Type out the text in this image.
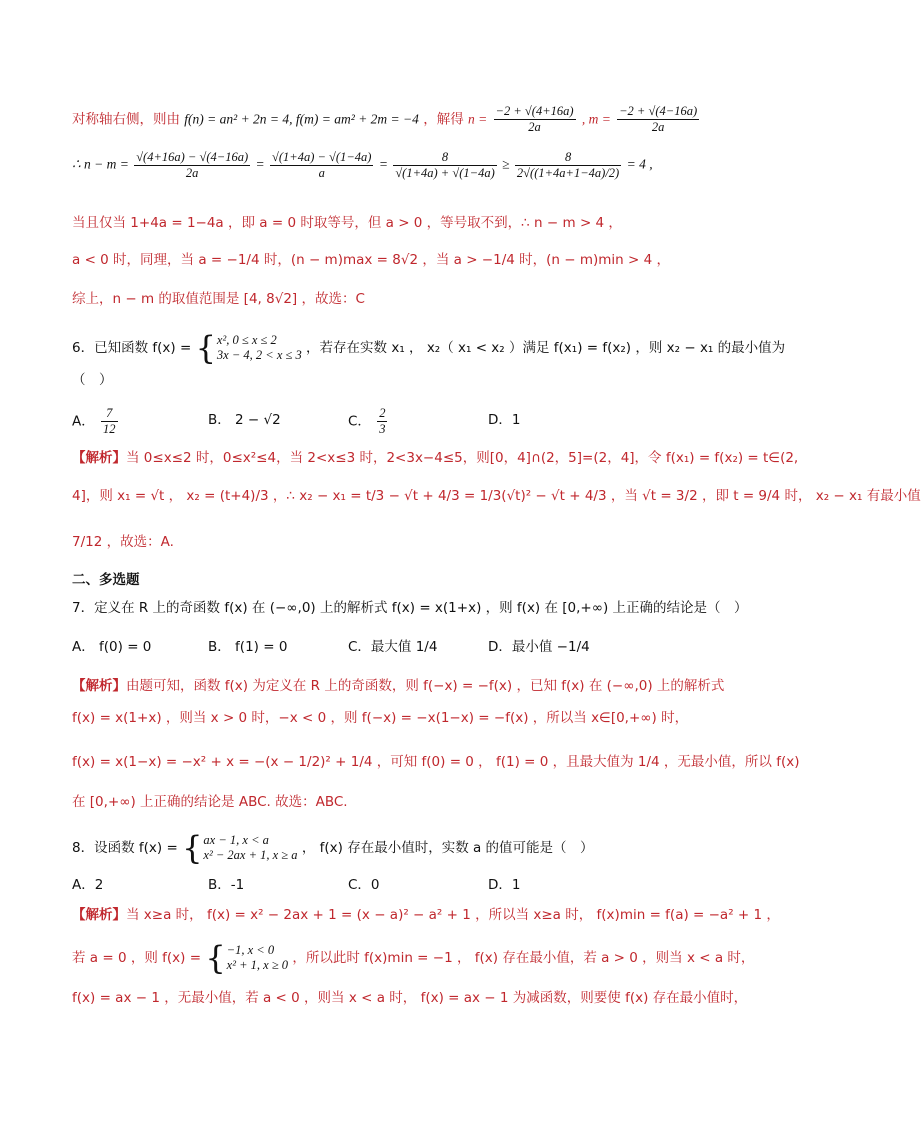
对称轴右侧，则由 f(n) = an² + 2n = 4, f(m) = am² + 2m = −4 ，解得 $n = \frac{-2 + √(4+16a)}{2a}$ , $m = \frac{-2 + √(4-16a)}{2a}$
∴ $n - m = \frac{√(4+16a) - √(4-16a)}{2a} = \frac{√(1+4a) - √(1-4a)}{a} = \frac{8}{√(1+4a) + √(1-4a)} \ge \frac{8}{2√((1+4a+1-4a)/2)} = 4$ ,
当且仅当 1+4a = 1−4a ，即 a = 0 时取等号，但 a > 0 ，等号取不到，∴ n − m > 4 ，
a < 0 时，同理，当 a = −1/4 时，(n − m)max = 8√2 ，当 a > −1/4 时，(n − m)min > 4 ，
综上，n − m 的取值范围是 [4, 8√2] ，故选：C
6．已知函数 f(x) = { x², 0 ≤ x ≤ 2
3x − 4, 2 < x ≤ 3 ，若存在实数 x₁ ， x₂（ x₁ < x₂ ）满足 f(x₁) = f(x₂) ，则 x₂ − x₁ 的最小值为
（　）
A． $\frac{7}{12}$	B． 2 − √2	C． $\frac{2}{3}$	D．1
【解析】当 0≤x≤2 时，0≤x²≤4，当 2<x≤3 时，2<3x−4≤5，则[0，4]∩(2，5]=(2，4]，令 f(x₁) = f(x₂) = t∈(2,
4]，则 x₁ = √t ， x₂ = (t+4)/3 ，∴ x₂ − x₁ = t/3 − √t + 4/3 = 1/3(√t)² − √t + 4/3 ，当 √t = 3/2 ，即 t = 9/4 时， x₂ − x₁ 有最小值
7/12 ，故选：A.
二、多选题
7．定义在 R 上的奇函数 f(x) 在 (−∞,0) 上的解析式 f(x) = x(1+x) ，则 f(x) 在 [0,+∞) 上正确的结论是（　）
A． f(0) = 0	B． f(1) = 0	C．最大值 1/4	D．最小值 −1/4
【解析】由题可知，函数 f(x) 为定义在 R 上的奇函数，则 f(−x) = −f(x) ，已知 f(x) 在 (−∞,0) 上的解析式
f(x) = x(1+x) ，则当 x > 0 时，−x < 0 ，则 f(−x) = −x(1−x) = −f(x) ，所以当 x∈[0,+∞) 时，
f(x) = x(1−x) = −x² + x = −(x − 1/2)² + 1/4 ，可知 f(0) = 0 ， f(1) = 0 ，且最大值为 1/4 ，无最小值，所以 f(x)
在 [0,+∞) 上正确的结论是 ABC. 故选：ABC.
8．设函数 f(x) = { ax − 1, x < a
x² − 2ax + 1, x ≥ a ， f(x) 存在最小值时，实数 a 的值可能是（　）
A．2	B．-1	C．0	D．1
【解析】当 x≥a 时， f(x) = x² − 2ax + 1 = (x − a)² − a² + 1 ，所以当 x≥a 时， f(x)min = f(a) = −a² + 1 ，
若 a = 0 ，则 f(x) = { −1, x < 0
x² + 1, x ≥ 0 ，所以此时 f(x)min = −1 ， f(x) 存在最小值，若 a > 0 ，则当 x < a 时，
f(x) = ax − 1 ，无最小值，若 a < 0 ，则当 x < a 时， f(x) = ax − 1 为减函数，则要使 f(x) 存在最小值时，
